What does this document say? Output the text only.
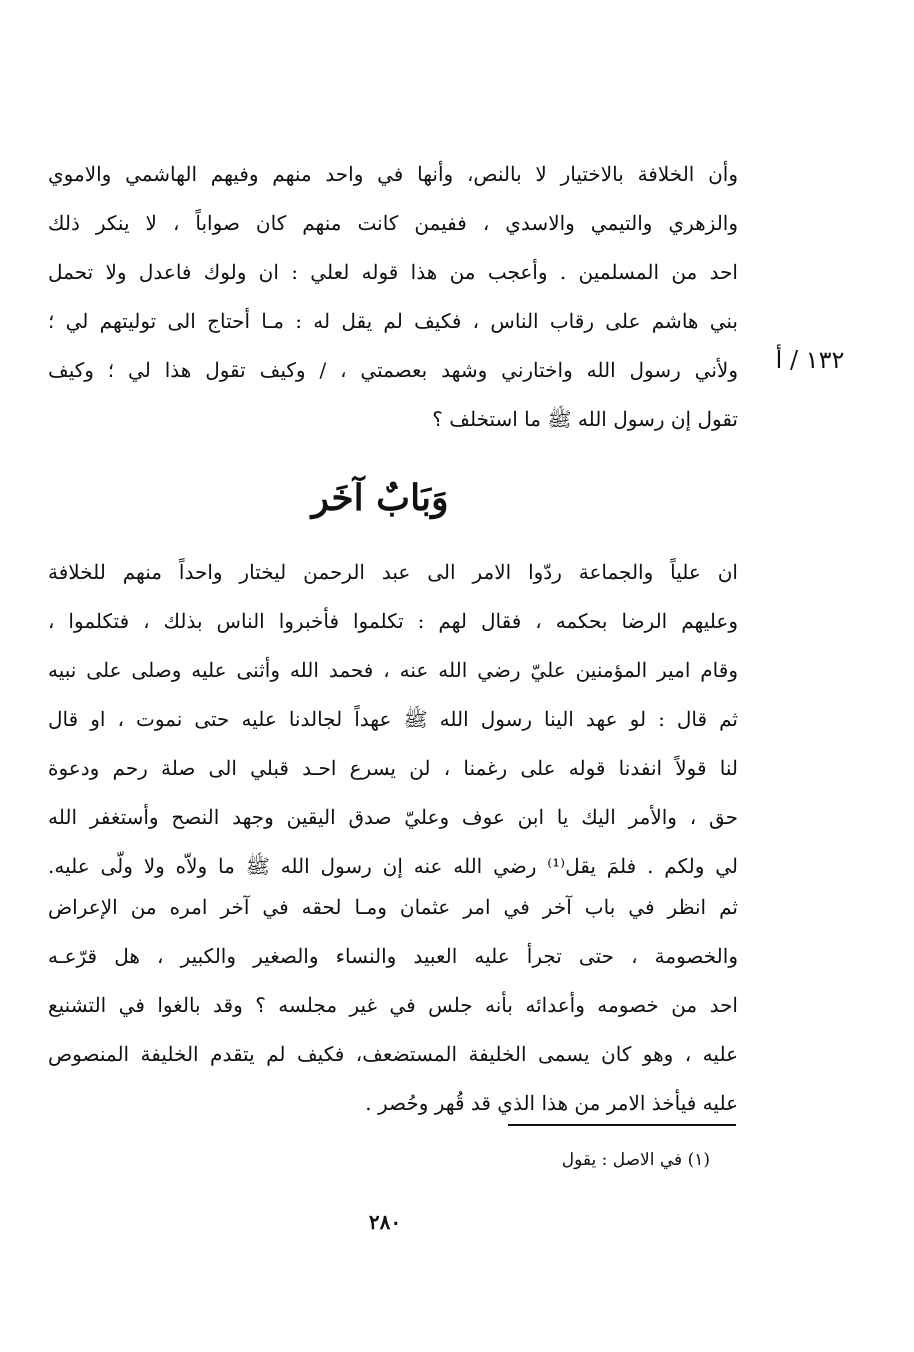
١٣٢ / أ
وأن الخلافة بالاختيار لا بالنص، وأنها في واحد منهم وفيهم الهاشمي والاموي
والزهري والتيمي والاسدي ، ففيمن كانت منهم كان صواباً ، لا ينكر ذلك
احد من المسلمين . وأعجب من هذا قوله لعلي : ان ولوك فاعدل ولا تحمل
بني هاشم على رقاب الناس ، فكيف لم يقل له : مـا أحتاج الى توليتهم لي ؛
ولأني رسول الله واختارني وشهد بعصمتي ، / وكيف تقول هذا لي ؛ وكيف
تقول إن رسول الله ﷺ ما استخلف ؟
وَبَابٌ آخَر
ان علياً والجماعة ردّوا الامر الى عبد الرحمن ليختار واحداً منهم للخلافة
وعليهم الرضا بحكمه ، فقال لهم : تكلموا فأخبروا الناس بذلك ، فتكلموا ،
وقام امير المؤمنين عليّ رضي الله عنه ، فحمد الله وأثنى عليه وصلى على نبيه
ثم قال : لو عهد الينا رسول الله ﷺ عهداً لجالدنا عليه حتى نموت ، او قال
لنا قولاً انفدنا قوله على رغمنا ، لن يسرع احـد قبلي الى صلة رحم ودعوة
حق ، والأمر اليك يا ابن عوف وعليّ صدق اليقين وجهد النصح وأستغفر الله
لي ولكم . فلمَ يقل⁽¹⁾ رضي الله عنه إن رسول الله ﷺ ما ولاّه ولا ولّى عليه.
ثم انظر في باب آخر في امر عثمان ومـا لحقه في آخر امره من الإعراض
والخصومة ، حتى تجرأ عليه العبيد والنساء والصغير والكبير ، هل قرّعـه
احد من خصومه وأعدائه بأنه جلس في غير مجلسه ؟ وقد بالغوا في التشنيع
عليه ، وهو كان يسمى الخليفة المستضعف، فكيف لم يتقدم الخليفة المنصوص
عليه فيأخذ الامر من هذا الذي قد قُهر وحُصر .
(١) في الاصل : يقول
٢٨٠
